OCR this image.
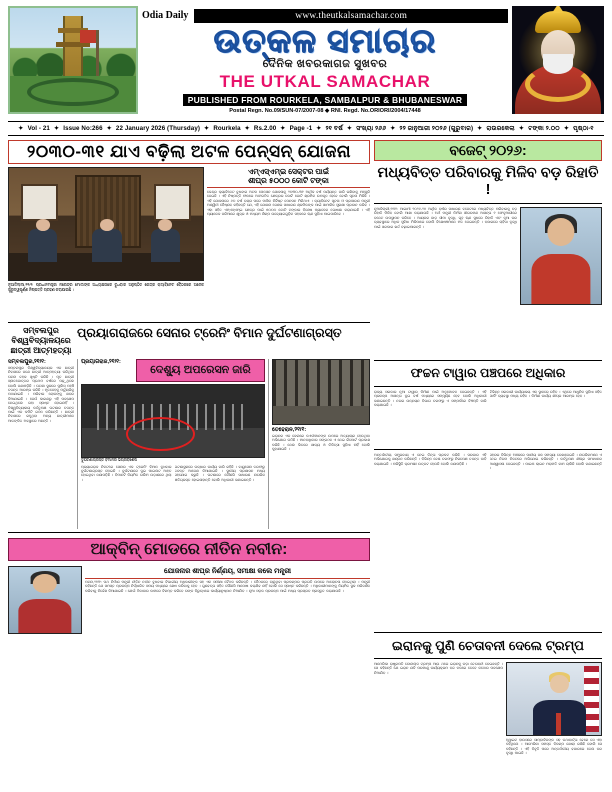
Odia Daily	www.theutkalsamachar.com
ଉତ୍କଳ ସମାଚାର
ଦୈନିକ ଖବରକାଗଜ ସୁଖବର
THE UTKAL SAMACHAR
PUBLISHED FROM ROURKELA, SAMBALPUR & BHUBANESWAR
Postal Regn. No.09/SUN-07/2007-08 ◆ RNI. Regd. No.ORIORI/2004/17448
✦ Vol - 21 ✦ Issue No:266 ✦ 22 January 2026 (Thursday) ✦ Rourkela ✦ Rs.2.00 ✦ Page -1 ✦ ୨୧ ବର୍ଷ ✦ ସଂଖ୍ୟା ୨୬୬ ✦ ୨୨ ଜାନୁଆରୀ ୨୦୨୬ (ଗୁରୁବାର) ✦ ରାଉରକେଲା ✦ ଟଙ୍କା ୨.୦୦ ✦ ପୃଷ୍ଠା-୧
୨୦୩୦-୩୧ ଯାଏ ବଢ଼ିଲା ଅଟଳ ପେନ୍‌ସନ୍ ଯୋଜନା
ନୂଆଦିଲ୍ଲୀ,୨୧/୧: ପ୍ରଧାନମନ୍ତ୍ରୀ ନରେନ୍ଦ୍ର ମୋଦୀଙ୍କ ଅଧ୍ୟକ୍ଷତାରେ ବୁଧବାର ଅନୁଷ୍ଠିତ କେନ୍ଦ୍ର କ୍ୟାବିନେଟ ବୈଠକରେ ଅନେକ ଗୁରୁତ୍ୱପୂର୍ଣ୍ଣ ନିଷ୍ପତ୍ତି ଗ୍ରହଣ କରାଯାଇଛି ।
ଏମ୍‌ଏସ୍‌ଏମ୍‌ଇ ସେକ୍ଟର ପାଇଁ
ଶୀଘ୍ର ୫୦୦୦ କୋଟି ଟଙ୍କା
କେନ୍ଦ୍ର କ୍ୟାବିନେଟ ବୁଧବାର ଅଟଳ ପେନସନ ଯୋଜନାକୁ ୨୦୩୦-୩୧ ଆର୍ଥିକ ବର୍ଷ ପର୍ଯ୍ୟନ୍ତ ଜାରି ରଖିବାକୁ ମଞ୍ଜୁରି ଦେଇଛି । ଏହି ନିଷ୍ପତ୍ତି ଫଳରେ ଅସଂଗଠିତ କ୍ଷେତ୍ରର କୋଟି କୋଟି ଶ୍ରମିକ ଉପକୃତ ହେବେ ବୋଲି ସୂଚନା ମିଳିଛି । ଏହି ଯୋଜନାରେ ୬୦ ବର୍ଷ ବୟସ ପରେ ମାସିକ ନିର୍ଦ୍ଦିଷ୍ଟ ପେନସନ ମିଳିଥାଏ । କ୍ୟାବିନେଟ ସୂଚନା ଓ ପ୍ରସାରଣ ମନ୍ତ୍ରୀ ଅଶ୍ୱିନୀ ବୈଷ୍ଣବ କହିଛନ୍ତି ଯେ, ଏହି ଯୋଜନା ଦେଶର ସାଧାରଣ ଶ୍ରମିକଙ୍କ ପାଇଁ ସାମାଜିକ ସୁରକ୍ଷା ପ୍ରଦାନ କରିବ । ଏହା ସହିତ ଏମ୍‌ଏସ୍‌ଏମ୍‌ଇ କ୍ଷେତ୍ର ପାଇଁ ୫୦୦୦ କୋଟି ଟଙ୍କାର ବିଶେଷ ପ୍ୟାକେଜ ଘୋଷଣା କରାଯାଇଛି । ଏହି ପ୍ୟାକେଜ ଜରିଆରେ କ୍ଷୁଦ୍ର ଓ ମଧ୍ୟମ ଶିଳ୍ପ ଉଦ୍ୟୋଗଗୁଡ଼ିକ ସହଜରେ ଋଣ ସୁବିଧା ପାଇପାରିବେ ।
ସମ୍ବଲପୁର
ବିଶ୍ୱବିଦ୍ୟାଳୟରେ
ଛାତ୍ରୀ ଆତ୍ମହତ୍ୟା
ପ୍ରୟାଗରାଜରେ ସେନାର ଟ୍ରେନିଂ ବିମାନ ଦୁର୍ଘଟଣାଗ୍ରସ୍ତ
ସମ୍ବଲପୁର,୨୧/୧:
ସମ୍ବଲପୁର ବିଶ୍ୱବିଦ୍ୟାଳୟର ଏକ ଛାତ୍ରୀ ନିବାସରେ ଜଣେ ଛାତ୍ରୀ ଆତ୍ମହତ୍ୟା କରିଥିବା ଘଟନା ଚହଳ ସୃଷ୍ଟି କରିଛି । ମୃତ ଛାତ୍ରୀ ସ୍ନାତକୋତ୍ତର ପ୍ରଥମ ବର୍ଷରେ ପଢ଼ୁଥିଲେ ବୋଲି ଜଣାପଡ଼ିଛି । ଘଟଣା ସ୍ଥଳରେ ପୁଲିସ ପହଞ୍ଚି ତଦନ୍ତ ଆରମ୍ଭ କରିଛି । ମୃତଦେହକୁ ମର୍ଚ୍ୟୁରିକୁ ପଠାଯାଇଛି । ପରିବାର ଲୋକଙ୍କୁ ଖବର ଦିଆଯାଇଛି । କେଉଁ କାରଣରୁ ଏହି ପଦକ୍ଷେପ ନେଇଥିଲେ ତାହା ସ୍ପଷ୍ଟ ହୋଇନାହିଁ । ବିଶ୍ୱବିଦ୍ୟାଳୟ କର୍ତ୍ତୃପକ୍ଷ ଘଟଣାର ତଦନ୍ତ ପାଇଁ ଏକ କମିଟି ଗଠନ କରିଛନ୍ତି । ଛାତ୍ରୀ ନିବାସରେ ରହୁଥିବା ଅନ୍ୟ ଛାତ୍ରୀମାନେ ଆତଙ୍କିତ ଅବସ୍ଥାରେ ଅଛନ୍ତି ।
ପ୍ରୟାଗରାଜ,୨୧/୧:
ଦେଶ୍ୟୁ ଅପରେସନ ଜାରି
ଦୁର୍ଘଟଣାଗ୍ରସ୍ତ ବିମାନର ଭଗ୍ନାବଶେଷ
ପ୍ରୟାଗରାଜ ନିକଟରେ ସେନାର ଏକ ଟ୍ରେନିଂ ବିମାନ ବୁଧବାର ଦୁର୍ଘଟଣାଗ୍ରସ୍ତ ହୋଇଛି । ଦୁର୍ଘଟଣାରେ ଦୁଇ ପାଇଲଟ ଆହତ ହୋଇଥିବା ଜଣାପଡ଼ିଛି । ବିମାନଟି ନିୟମିତ ତାଲିମ ଉଡ଼ାଣରେ ଥିଲା ।
ଘଟଣାସ୍ଥଳରେ ଉଦ୍ଧାର କାର୍ଯ୍ୟ ଜାରି ରହିଛି । ବାୟୁସେନା ତରଫରୁ ତଦନ୍ତ ଆଦେଶ ଦିଆଯାଇଛି । ସ୍ଥାନୀୟ ପ୍ରଶାସନ ମଧ୍ୟ ସହଯୋଗ କରୁଛି । ଘଟଣାରେ କୌଣସି ସାଧାରଣ ନାଗରିକ କ୍ଷତିଗ୍ରସ୍ତ ହୋଇନାହାନ୍ତି ବୋଲି ଅଧିକାରୀ ଜଣାଇଛନ୍ତି ।
ତେହେରାନ,୨୧/୧:
ଇରାନର ଏକ ଜେଲରେ କଏଦୀମାନଙ୍କ ଉପରେ ଅତ୍ୟାଚାର ହେଉଥିବା ଅଭିଯୋଗ ଉଠିଛି । ମାନବାଧିକାର ସଙ୍ଗଠନ ଏ ନେଇ ରିପୋର୍ଟ ପ୍ରକାଶ କରିଛି । ଜେଲ ଭିତରେ ଖାଦ୍ୟ ଓ ଚିକିତ୍ସା ସୁବିଧା ନାହିଁ ବୋଲି କୁହାଯାଇଛି ।
ଆକ୍ବିନ୍ ମୋଡରେ ନୀତିନ ନବୀନ:
ଯୋଜନାର ଶୀଘ୍ର ନିର୍ଣ୍ଣୟ, ସମୀକ୍ଷା କଲେ ମନ୍ତ୍ରୀ
ପଟନା,୨୧/୧: ପଥ ନିର୍ମାଣ ମନ୍ତ୍ରୀ ନୀତିନ ନବୀନ ବୁଧବାର ବିଭାଗୀୟ ଅଧିକାରୀଙ୍କ ସହ ଏକ ସମୀକ୍ଷା ବୈଠକ କରିଛନ୍ତି । ବୈଠକରେ ଚାଲୁଥିବା ପ୍ରକଳ୍ପର ପ୍ରଗତି ଉପରେ ଆଲୋଚନା ହୋଇଥିଲା । ମନ୍ତ୍ରୀ କହିଛନ୍ତି ଯେ ସମସ୍ତ ପ୍ରକଳ୍ପ ନିର୍ଦ୍ଧାରିତ ସମୟ ମଧ୍ୟରେ ଶେଷ କରିବାକୁ ହେବ । ଗୁଣବତ୍ତା ସହିତ କୌଣସି ଆପୋଷ କରାଯିବ ନାହିଁ ବୋଲି ସେ ସ୍ପଷ୍ଟ କରିଛନ୍ତି । ଅଧିକାରୀମାନଙ୍କୁ ନିୟମିତ ସ୍ଥଳ ପରିଦର୍ଶନ କରିବାକୁ ନିର୍ଦ୍ଦେଶ ଦିଆଯାଇଛି । ଯେଉଁ ଠିକାଦାର କାମରେ ବିଳମ୍ବ କରିବେ ତାଙ୍କ ବିରୁଦ୍ଧରେ କାର୍ଯ୍ୟାନୁଷ୍ଠାନ ନିଆଯିବ । ନୂଆ ସଡ଼କ ପ୍ରକଳ୍ପ ପାଇଁ ମଧ୍ୟ ପ୍ରସ୍ତାବ ପ୍ରସ୍ତୁତ କରାଯାଉଛି ।
ବଜେଟ୍ ୨୦୨୬:
ମଧ୍ୟବିତ୍ତ ପରିବାରକୁ ମିଳିବ ବଡ଼ ରିହାତି !
ନୂଆଦିଲ୍ଲୀ,୨୧/୧: ଆଗାମୀ ୨୦୨୬-୨୭ ଆର୍ଥିକ ବର୍ଷର ସାଧାରଣ ବଜେଟରେ ମଧ୍ୟବିତ୍ତ ପରିବାରକୁ ବଡ଼ ରିହାତି ମିଳିବ ବୋଲି ଆଶା କରାଯାଉଛି । ଅର୍ଥ ମନ୍ତ୍ରୀ ନିର୍ମଳା ସୀତାରମଣ ଆସନ୍ତା ୧ ଫେବୃଆରୀରେ ବଜେଟ ଉପସ୍ଥାପନ କରିବେ । ଆୟକର ଛାଡ଼ ସୀମା ବୃଦ୍ଧି, ଗୃହ ଋଣ ସୁଧରେ ରିହାତି ଏବଂ ନୂଆ କର ବ୍ୟବସ୍ଥାରେ ଅଧିକ ସୁବିଧା ମିଳିପାରେ ବୋଲି ବିଶେଷଜ୍ଞମାନେ ମତ ଦେଇଛନ୍ତି । ବଜାରରେ ଚାହିଦା ବୃଦ୍ଧି ପାଇଁ ସରକାର ଖର୍ଚ୍ଚ ବଢ଼ାଇପାରନ୍ତି ।
ଫଚ୍ଚନ ଟାୱାର ପଞ୍ଚପରେ ଅଧିକାର
ରାଜ୍ୟ ସରକାର ନୂଆ ଟାୱାର ନିର୍ମାଣ ପାଇଁ ଅନୁମୋଦନ ଦେଇଛନ୍ତି । ଏହି ପ୍ରକଳ୍ପ ଆସନ୍ତା ଦୁଇ ବର୍ଷ ମଧ୍ୟରେ ସମ୍ପୂର୍ଣ୍ଣ ହେବ ବୋଲି ଅଧିକାରୀ ଜଣାଇଛନ୍ତି । ନଗର ଉନ୍ନୟନ ବିଭାଗ ତରଫରୁ ଏ ସମ୍ପର୍କରେ ବିଜ୍ଞପ୍ତି ଜାରି କରାଯାଇଛି ।
ବିଭିନ୍ନ ସରକାରୀ କାର୍ଯ୍ୟାଳୟ ଏକ ସ୍ଥାନରେ ରହିବ । ଏଥିରେ ଆଧୁନିକ ସୁବିଧା ସହିତ ପାର୍କିଂ ବ୍ୟବସ୍ଥା ମଧ୍ୟ ରହିବ । ନିର୍ମାଣ କାର୍ଯ୍ୟ ଶୀଘ୍ର ଆରମ୍ଭ ହେବ ।
ଅନ୍ତର୍ଜାତୀୟ ସମ୍ପ୍ରଦାୟ ଏ ନେଇ ଚିନ୍ତା ପ୍ରକଟ କରିଛି । ସରକାର ଏହି ଅଭିଯୋଗକୁ ଖଣ୍ଡନ କରିଛନ୍ତି । ବିଭିନ୍ନ ଦେଶ ତରଫରୁ ନିରପେକ୍ଷ ତଦନ୍ତ ଦାବି କରାଯାଇଛି । ପରିସ୍ଥିତି କ୍ରମଶଃ ଉତ୍କଟ ହେଉଛି ବୋଲି ଜଣାପଡ଼ିଛି ।
ସହରର ବିଭିନ୍ନ ଅଞ୍ଚଳରେ ପାନୀୟ ଜଳ ସମସ୍ୟା ଦେଖାଦେଇଛି । ନାଗରିକମାନେ ଏ ନେଇ ନିଗମ ନିକଟରେ ଅଭିଯୋଗ କରିଛନ୍ତି । କର୍ତ୍ତୃପକ୍ଷ ଶୀଘ୍ର ସମାଧାନର ଆଶ୍ୱାସନା ଦେଇଛନ୍ତି । ପାଇପ ଲାଇନ ମରାମତି କାମ ଚାଲିଛି ବୋଲି ଜଣାଇଛନ୍ତି ।
ଇରାନକୁ ପୁଣି ଚେତାବନୀ ଦେଲେ ଟ୍ରମ୍ପ
ଆମେରିକା ରାଷ୍ଟ୍ରପତି ଡୋନାଲ୍ଡ ଟ୍ରମ୍ପ ଆଉ ଥରେ ଇରାନକୁ କଡ଼ା ଚେତାବନୀ ଦେଇଛନ୍ତି । ସେ କହିଛନ୍ତି ଯେ ଇରାନ ଯଦି ପରମାଣୁ କାର୍ଯ୍ୟକ୍ରମ ବନ୍ଦ ନକରେ ତେବେ କଠୋର ପଦକ୍ଷେପ ନିଆଯିବ ।
ହ୍ୱାଇଟ ହାଉସରେ ସାମ୍ବାଦିକଙ୍କ ସହ କଥାବାର୍ତ୍ତା ବେଳେ ସେ ଏହା କହିଥିଲେ । ଆମେରିକା ସମସ୍ତ ବିକଳ୍ପ ଖୋଲା ରଖିଛି ବୋଲି ସେ କହିଛନ୍ତି । ଏହି ବିବୃତି ପରେ ଅନ୍ତର୍ଜାତୀୟ ବଜାରରେ ତେଲ ଦର ବୃଦ୍ଧି ପାଇଛି ।
